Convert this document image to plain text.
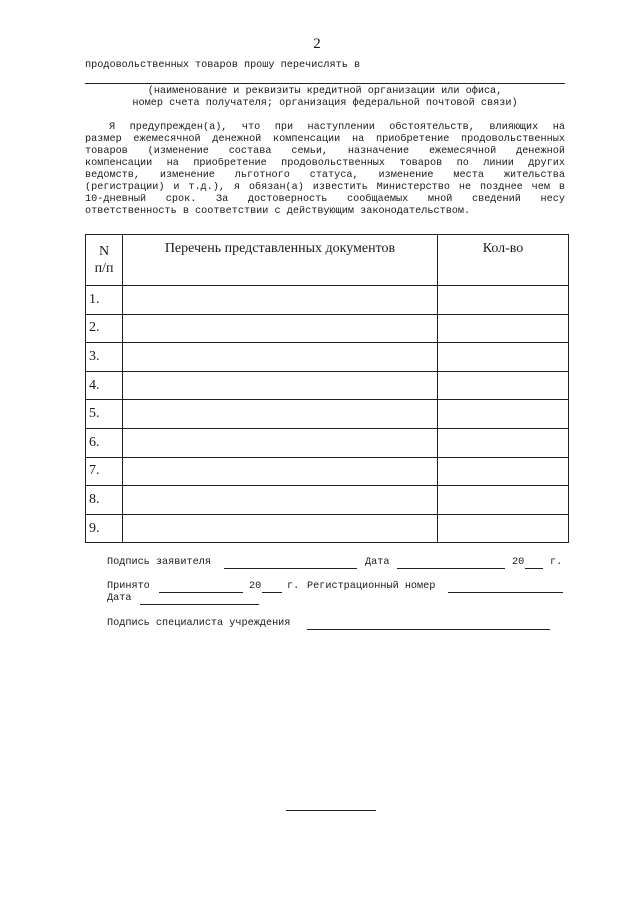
2
продовольственных товаров прошу перечислять в
(наименование и реквизиты кредитной организации или офиса,
номер счета получателя; организация федеральной почтовой связи)
Я предупрежден(а), что при наступлении обстоятельств, влияющих на
размер ежемесячной денежной компенсации на приобретение продовольственных
товаров (изменение состава семьи, назначение ежемесячной денежной
компенсации на приобретение продовольственных товаров по линии других
ведомств, изменение льготного статуса, изменение места жительства
(регистрации) и т.д.), я обязан(а) известить Министерство не позднее чем в
10-дневный срок. За достоверность сообщаемых мной сведений несу
ответственность в соответствии с действующим законодательством.
N
п/п	Перечень представленных документов	Кол-во
1.		
2.		
3.		
4.		
5.		
6.		
7.		
8.		
9.		
Подпись заявителя	Дата	20	г.
Принято	20	г. Регистрационный номер
Дата
Подпись специалиста учреждения
